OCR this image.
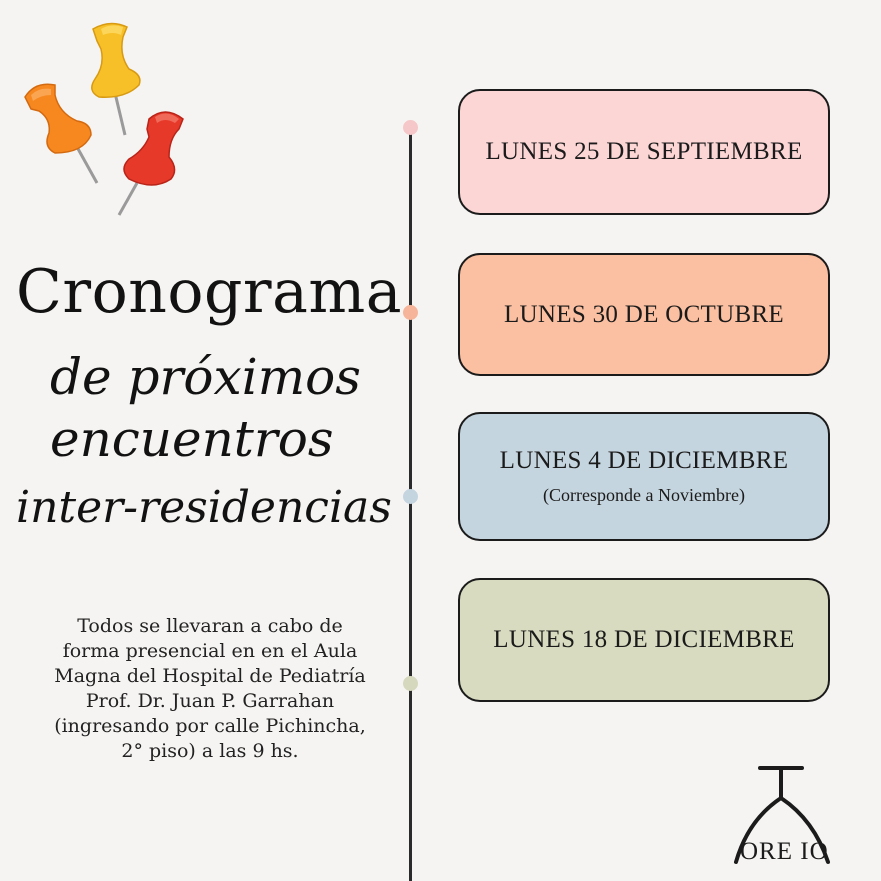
Cronograma
de próximos
encuentros
inter-residencias
Todos se llevaran a cabo de
forma presencial en en el Aula
Magna del Hospital de Pediatría
Prof. Dr. Juan P. Garrahan
(ingresando por calle Pichincha,
2° piso) a las 9 hs.
LUNES 25 DE SEPTIEMBRE
LUNES 30 DE OCTUBRE
LUNES 4 DE DICIEMBRE
(Corresponde a Noviembre)
LUNES 18 DE DICIEMBRE
ORE IO
